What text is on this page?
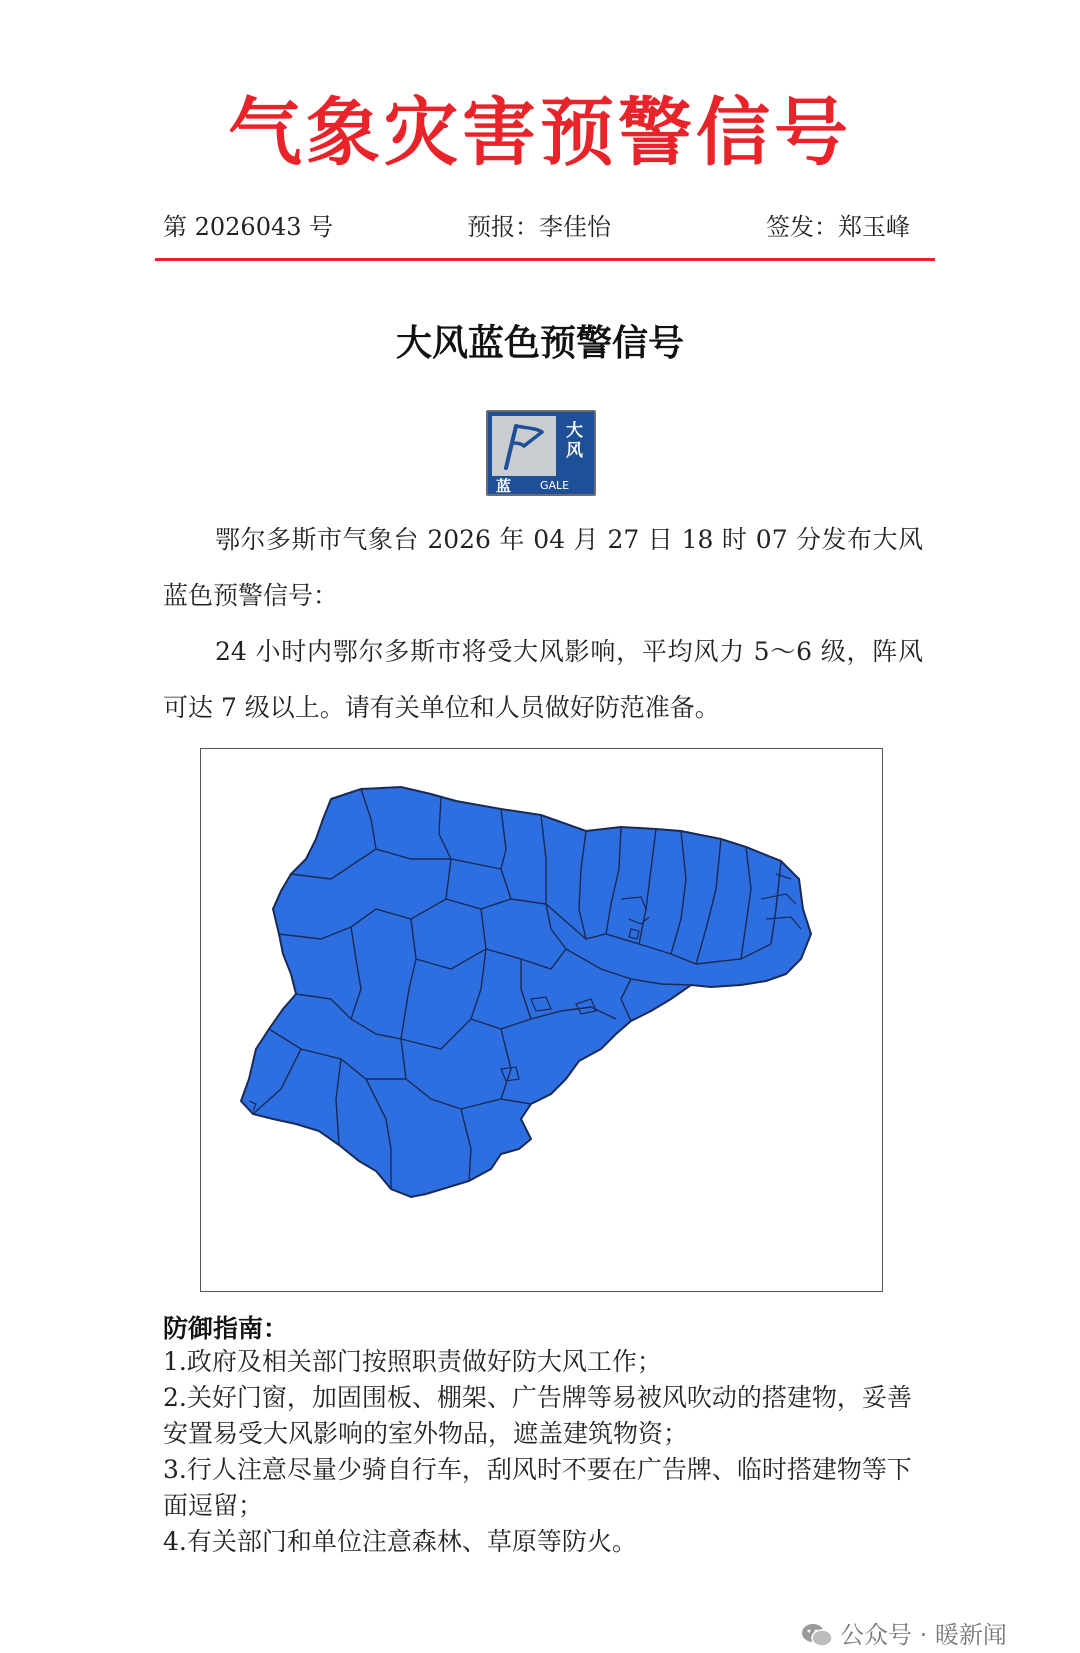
气象灾害预警信号
第 2026043 号	预报：李佳怡	签发：郑玉峰
大风蓝色预警信号
大
风
蓝	GALE

鄂尔多斯市气象台 2026 年 04 月 27 日 18 时 07 分发布大风蓝色预警信号：

24 小时内鄂尔多斯市将受大风影响，平均风力 5～6 级，阵风可达 7 级以上。请有关单位和人员做好防范准备。

防御指南：

1.政府及相关部门按照职责做好防大风工作；

2.关好门窗，加固围板、棚架、广告牌等易被风吹动的搭建物，妥善安置易受大风影响的室外物品，遮盖建筑物资；

3.行人注意尽量少骑自行车，刮风时不要在广告牌、临时搭建物等下面逗留；

4.有关部门和单位注意森林、草原等防火。

公众号 · 暖新闻
